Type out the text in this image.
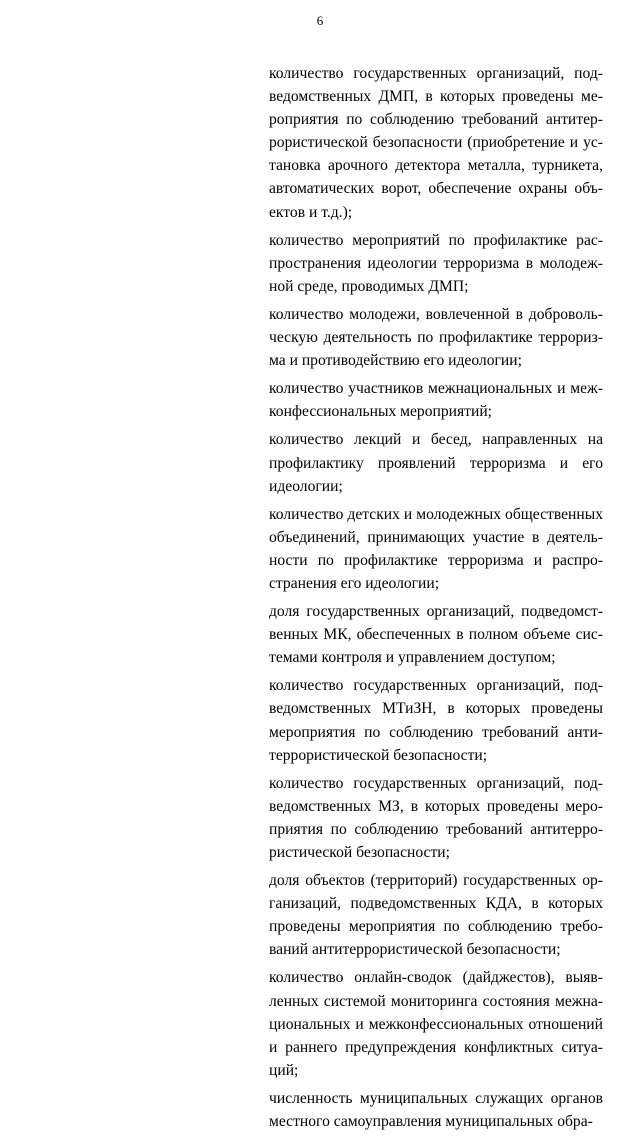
6

количество государственных организаций, под-
ведомственных ДМП, в которых проведены ме-
роприятия по соблюдению требований антитер-
рористической безопасности (приобретение и ус-
тановка арочного детектора металла, турникета,
автоматических ворот, обеспечение охраны объ-
ектов и т.д.);

количество мероприятий по профилактике рас-
пространения идеологии терроризма в молодеж-
ной среде, проводимых ДМП;

количество молодежи, вовлеченной в доброволь-
ческую деятельность по профилактике террориз-
ма и противодействию его идеологии;

количество участников межнациональных и меж-
конфессиональных мероприятий;

количество лекций и бесед, направленных на
профилактику проявлений терроризма и его
идеологии;

количество детских и молодежных общественных
объединений, принимающих участие в деятель-
ности по профилактике терроризма и распро-
странения его идеологии;

доля государственных организаций, подведомст-
венных МК, обеспеченных в полном объеме сис-
темами контроля и управлением доступом;

количество государственных организаций, под-
ведомственных МТиЗН, в которых проведены
мероприятия по соблюдению требований анти-
террористической безопасности;

количество государственных организаций, под-
ведомственных МЗ, в которых проведены меро-
приятия по соблюдению требований антитерро-
ристической безопасности;

доля объектов (территорий) государственных ор-
ганизаций, подведомственных КДА, в которых
проведены мероприятия по соблюдению требо-
ваний антитеррористической безопасности;

количество онлайн-сводок (дайджестов), выяв-
ленных системой мониторинга состояния межна-
циональных и межконфессиональных отношений
и раннего предупреждения конфликтных ситуа-
ций;

численность муниципальных служащих органов
местного самоуправления муниципальных обра-
